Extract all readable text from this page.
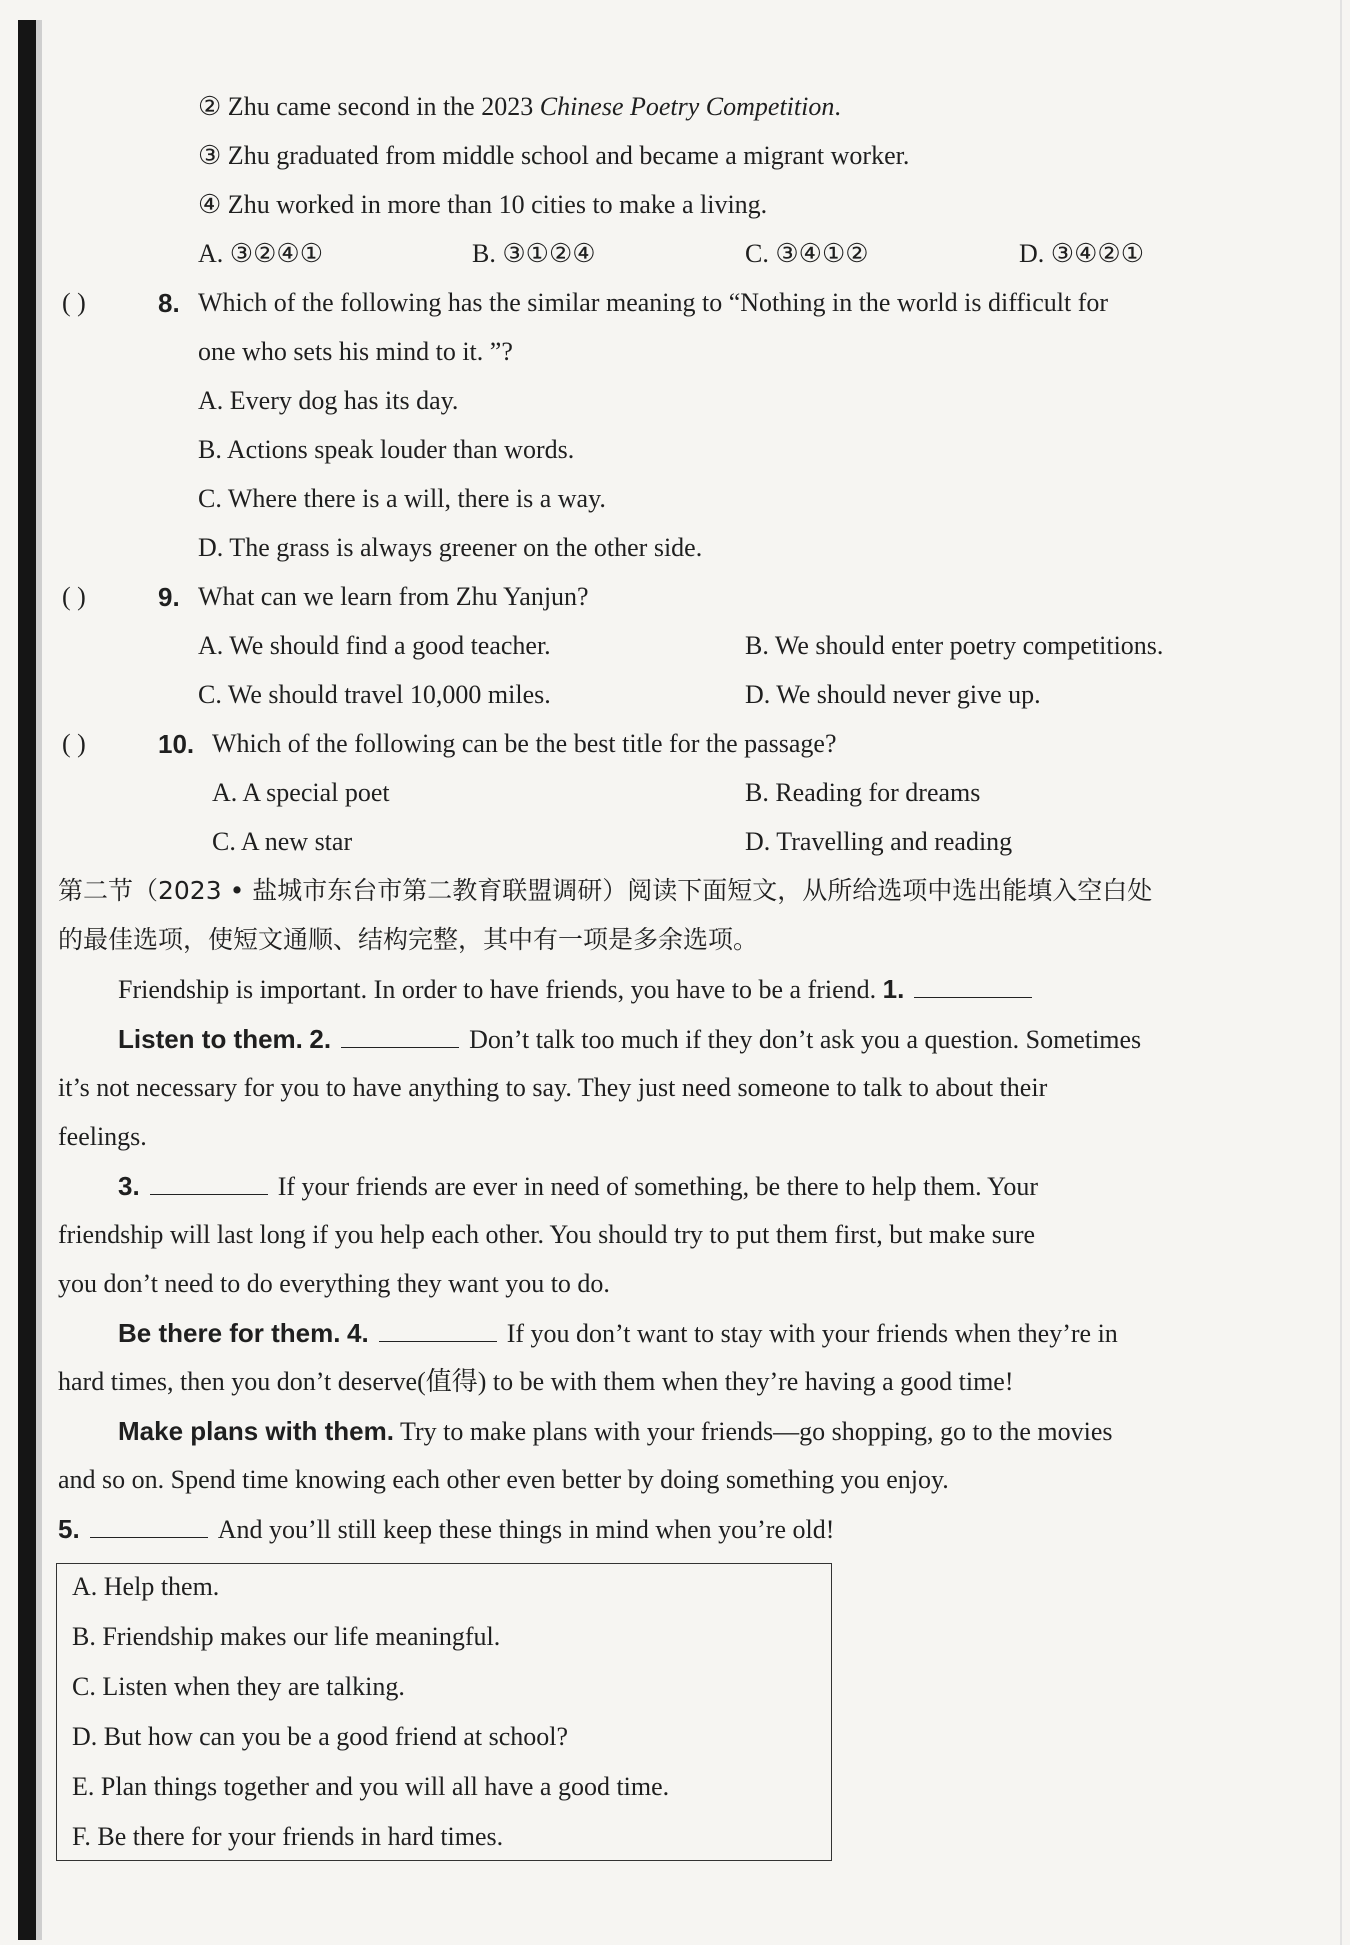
② Zhu came second in the 2023 Chinese Poetry Competition.
③ Zhu graduated from middle school and became a migrant worker.
④ Zhu worked in more than 10 cities to make a living.
A. ③②④①	B. ③①②④	C. ③④①②	D. ③④②①
( )	8. Which of the following has the similar meaning to “Nothing in the world is difficult for
one who sets his mind to it. ”?
A. Every dog has its day.
B. Actions speak louder than words.
C. Where there is a will, there is a way.
D. The grass is always greener on the other side.
( )	9. What can we learn from Zhu Yanjun?
A. We should find a good teacher.	B. We should enter poetry competitions.
C. We should travel 10,000 miles.	D. We should never give up.
( )	10. Which of the following can be the best title for the passage?
A. A special poet	B. Reading for dreams
C. A new star	D. Travelling and reading
第二节（2023 • 盐城市东台市第二教育联盟调研）阅读下面短文，从所给选项中选出能填入空白处
的最佳选项，使短文通顺、结构完整，其中有一项是多余选项。
Friendship is important. In order to have friends, you have to be a friend. 1.
Listen to them. 2.	Don’t talk too much if they don’t ask you a question. Sometimes
it’s not necessary for you to have anything to say. They just need someone to talk to about their
feelings.
3.	If your friends are ever in need of something, be there to help them. Your
friendship will last long if you help each other. You should try to put them first, but make sure
you don’t need to do everything they want you to do.
Be there for them. 4.	If you don’t want to stay with your friends when they’re in
hard times, then you don’t deserve(值得) to be with them when they’re having a good time!
Make plans with them. Try to make plans with your friends—go shopping, go to the movies
and so on. Spend time knowing each other even better by doing something you enjoy.
5.	And you’ll still keep these things in mind when you’re old!
A. Help them.
B. Friendship makes our life meaningful.
C. Listen when they are talking.
D. But how can you be a good friend at school?
E. Plan things together and you will all have a good time.
F. Be there for your friends in hard times.
